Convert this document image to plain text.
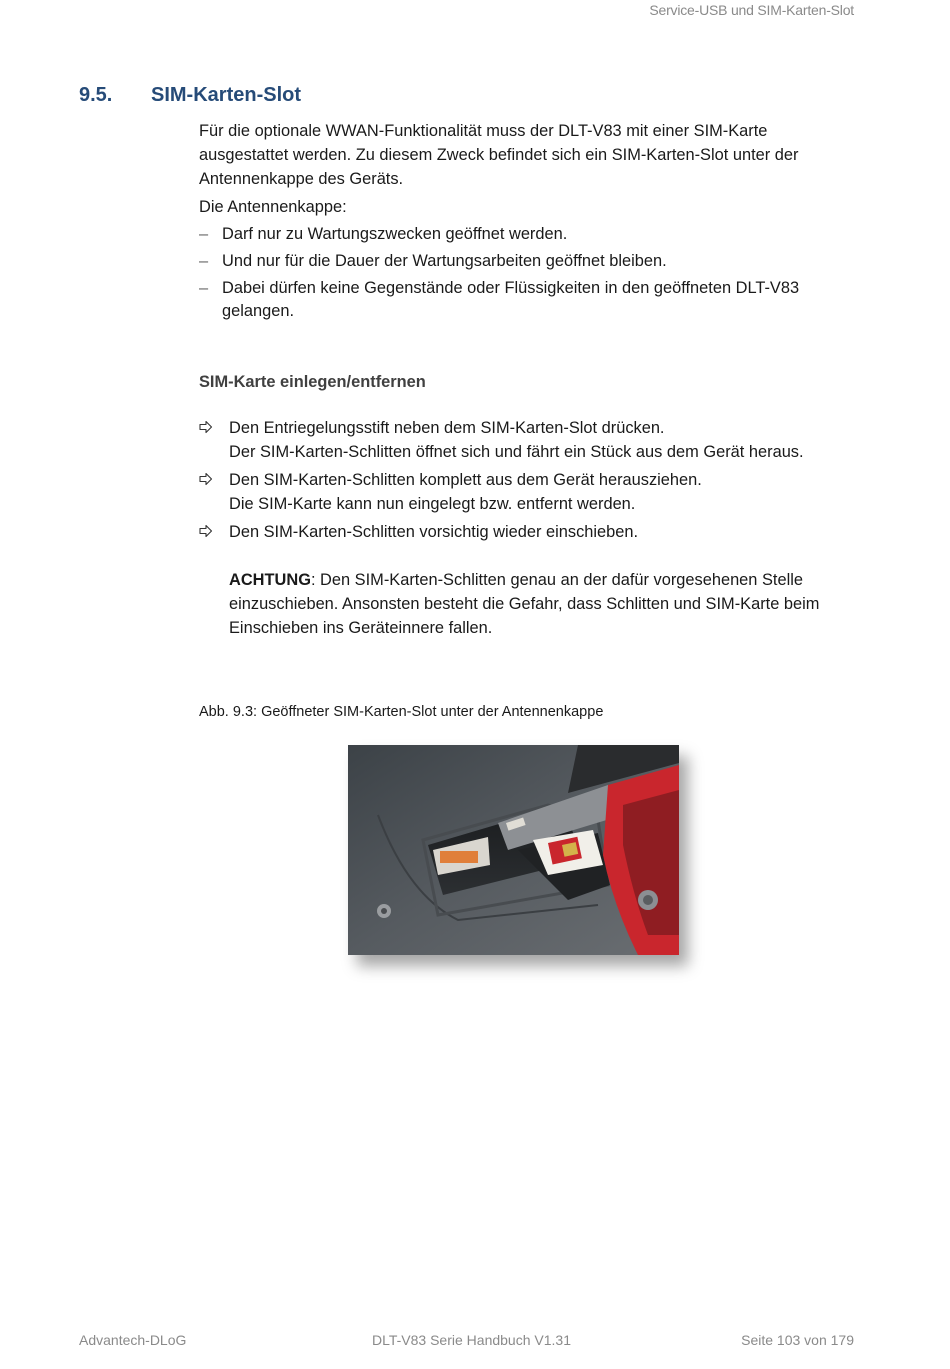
Service-USB und SIM-Karten-Slot
9.5. SIM-Karten-Slot
Für die optionale WWAN-Funktionalität muss der DLT-V83 mit einer SIM-Karte ausgestattet werden. Zu diesem Zweck befindet sich ein SIM-Karten-Slot unter der Antennenkappe des Geräts.
Die Antennenkappe:
– Darf nur zu Wartungszwecken geöffnet werden.
– Und nur für die Dauer der Wartungsarbeiten geöffnet bleiben.
– Dabei dürfen keine Gegenstände oder Flüssigkeiten in den geöffneten DLT-V83 gelangen.
SIM-Karte einlegen/entfernen
Den Entriegelungsstift neben dem SIM-Karten-Slot drücken.
Der SIM-Karten-Schlitten öffnet sich und fährt ein Stück aus dem Gerät heraus.
Den SIM-Karten-Schlitten komplett aus dem Gerät herausziehen.
Die SIM-Karte kann nun eingelegt bzw. entfernt werden.
Den SIM-Karten-Schlitten vorsichtig wieder einschieben.
ACHTUNG: Den SIM-Karten-Schlitten genau an der dafür vorgesehenen Stelle einzuschieben. Ansonsten besteht die Gefahr, dass Schlitten und SIM-Karte beim Einschieben ins Geräteinnere fallen.
Abb. 9.3: Geöffneter SIM-Karten-Slot unter der Antennenkappe
Advantech-DLoG	DLT-V83 Serie Handbuch V1.31	Seite 103 von 179
